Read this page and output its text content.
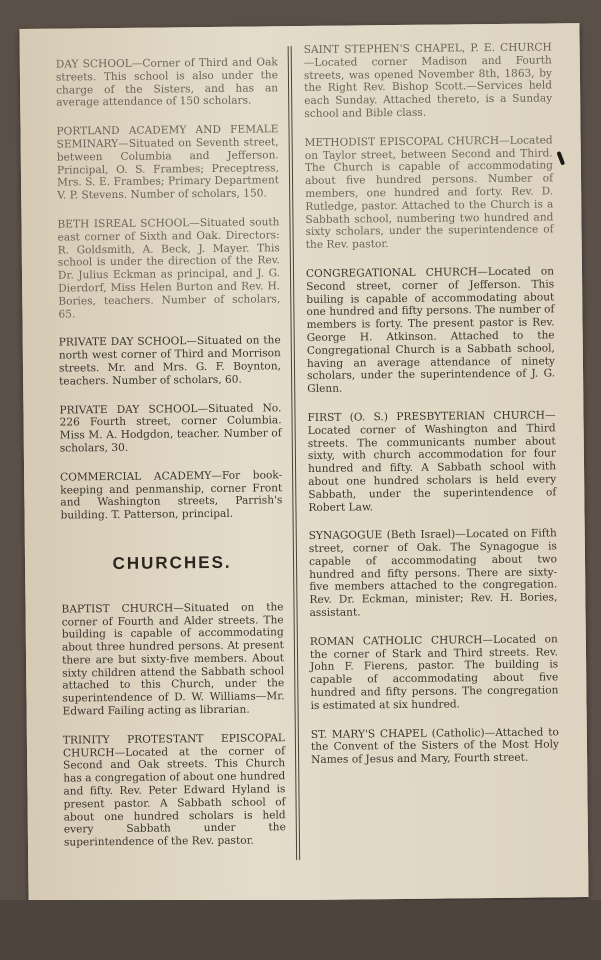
DAY SCHOOL—Corner of Third and Oak streets. This school is also under the charge of the Sisters, and has an average attendance of 150 scholars.

PORTLAND ACADEMY AND FEMALE SEMINARY—Situated on Seventh street, between Columbia and Jefferson. Principal, O. S. Frambes; Preceptress, Mrs. S. E. Frambes; Primary Department V. P. Stevens. Number of scholars, 150.

BETH ISREAL SCHOOL—Situated south east corner of Sixth and Oak. Directors: R. Goldsmith, A. Beck, J. Mayer. This school is under the direction of the Rev. Dr. Julius Eckman as principal, and J. G. Dierdorf, Miss Helen Burton and Rev. H. Bories, teachers. Number of scholars, 65.

PRIVATE DAY SCHOOL—Situated on the north west corner of Third and Morrison streets. Mr. and Mrs. G. F. Boynton, teachers. Number of scholars, 60.

PRIVATE DAY SCHOOL—Situated No. 226 Fourth street, corner Columbia. Miss M. A. Hodgdon, teacher. Number of scholars, 30.

COMMERCIAL ACADEMY—For book-keeping and penmanship, corner Front and Washington streets, Parrish's building. T. Patterson, principal.

CHURCHES.

BAPTIST CHURCH—Situated on the corner of Fourth and Alder streets. The building is capable of accommodating about three hundred persons. At present there are but sixty-five members. About sixty children attend the Sabbath school attached to this Church, under the superintendence of D. W. Williams—Mr. Edward Failing acting as librarian.

TRINITY PROTESTANT EPISCOPAL CHURCH—Located at the corner of Second and Oak streets. This Church has a congregation of about one hundred and fifty. Rev. Peter Edward Hyland is present pastor. A Sabbath school of about one hundred scholars is held every Sabbath under the superintendence of the Rev. pastor.

SAINT STEPHEN'S CHAPEL, P. E. CHURCH—Located corner Madison and Fourth streets, was opened November 8th, 1863, by the Right Rev. Bishop Scott.—Services held each Sunday. Attached thereto, is a Sunday school and Bible class.

METHODIST EPISCOPAL CHURCH—Located on Taylor street, between Second and Third. The Church is capable of accommodating about five hundred persons. Number of members, one hundred and forty. Rev. D. Rutledge, pastor. Attached to the Church is a Sabbath school, numbering two hundred and sixty scholars, under the superintendence of the Rev. pastor.

CONGREGATIONAL CHURCH—Located on Second street, corner of Jefferson. This builing is capable of accommodating about one hundred and fifty persons. The number of members is forty. The present pastor is Rev. George H. Atkinson. Attached to the Congregational Church is a Sabbath school, having an average attendance of ninety scholars, under the superintendence of J. G. Glenn.

FIRST (O. S.) PRESBYTERIAN CHURCH—Located corner of Washington and Third streets. The communicants number about sixty, with church accommodation for four hundred and fifty. A Sabbath school with about one hundred scholars is held every Sabbath, under the superintendence of Robert Law.

SYNAGOGUE (Beth Israel)—Located on Fifth street, corner of Oak. The Synagogue is capable of accommodating about two hundred and fifty persons. There are sixty-five members attached to the congregation. Rev. Dr. Eckman, minister; Rev. H. Bories, assistant.

ROMAN CATHOLIC CHURCH—Located on the corner of Stark and Third streets. Rev. John F. Fierens, pastor. The building is capable of accommodating about five hundred and fifty persons. The congregation is estimated at six hundred.

ST. MARY'S CHAPEL (Catholic)—Attached to the Convent of the Sisters of the Most Holy Names of Jesus and Mary, Fourth street.
